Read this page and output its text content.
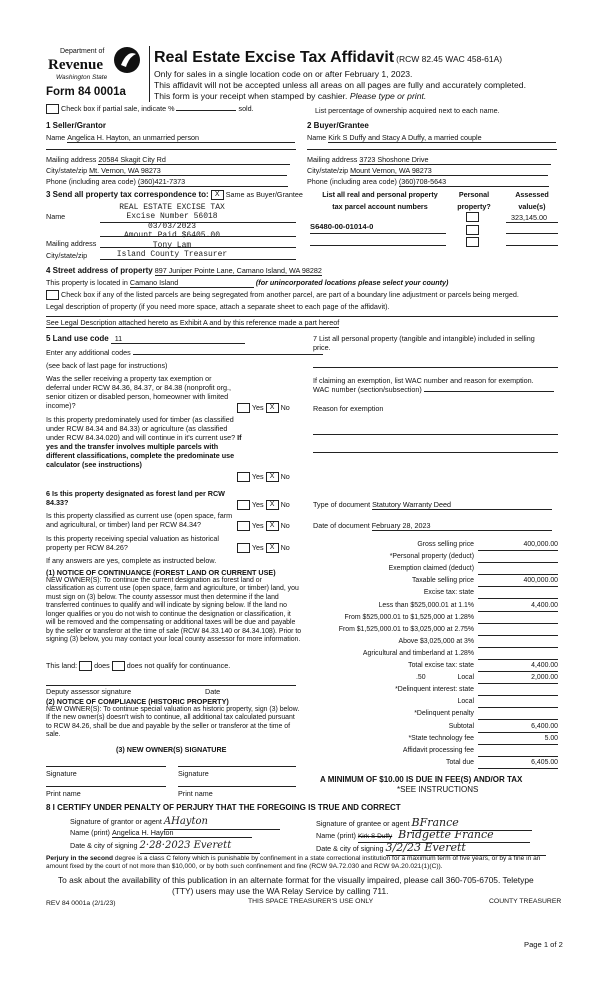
Department of
Revenue
Washington State
Form 84 0001a
Real Estate Excise Tax Affidavit (RCW 82.45 WAC 458-61A)
Only for sales in a single location code on or after February 1, 2023.
This affidavit will not be accepted unless all areas on all pages are fully and accurately completed.
This form is your receipt when stamped by cashier. Please type or print.
Check box if partial sale, indicate %	sold.	List percentage of ownership acquired next to each name.
1 Seller/Grantor
Name Angelica H. Hayton, an unmarried person
Mailing address 20584 Skagit City Rd
City/state/zip Mt. Vernon, WA 98273
Phone (including area code) (360)421-7373
2 Buyer/Grantee
Name Kirk S Duffy and Stacy A Duffy, a married couple
Mailing address 3723 Shoshone Drive
City/state/zip Mount Vernon, WA 98273
Phone (including area code) (360)708-5643
3 Send all property tax correspondence to: X Same as Buyer/Grantee
Name
Mailing address
City/state/zip
REAL ESTATE EXCISE TAX
Excise Number 56018
03/03/2023
Amount Paid $6405.00
Tony Lam
Island County Treasurer
List all real and personal property
tax parcel account numbers
Personal
property?
Assessed
value(s)
S6480-00-01014-0
323,145.00
4 Street address of property 897 Juniper Pointe Lane, Camano Island, WA 98282
This property is located in Camano Island	(for unincorporated locations please select your county)
Check box if any of the listed parcels are being segregated from another parcel, are part of a boundary line adjustment or parcels being merged.
Legal description of property (if you need more space, attach a separate sheet to each page of the affidavit).
See Legal Description attached hereto as Exhibit A and by this reference made a part hereof
5 Land use code 11
Enter any additional codes
(see back of last page for instructions)
Was the seller receiving a property tax exemption or deferral under RCW 84.36, 84.37, or 84.38 (nonprofit org., senior citizen or disabled person, homeowner with limited income)?	Yes X No
Is this property predominately used for timber (as classified under RCW 84.34 and 84.33) or agriculture (as classified under RCW 84.34.020) and will continue in it's current use? If yes and the transfer involves multiple parcels with different classifications, complete the predominate use calculator (see instructions)
Yes X No
6 Is this property designated as forest land per RCW 84.33?	Yes X No
Is this property classified as current use (open space, farm and agricultural, or timber) land per RCW 84.34?	Yes X No
Is this property receiving special valuation as historical property per RCW 84.26?	Yes X No
If any answers are yes, complete as instructed below.
(1) NOTICE OF CONTINUANCE (FOREST LAND OR CURRENT USE)
NEW OWNER(S): To continue the current designation as forest land or classification as current use (open space, farm and agriculture, or timber) land, you must sign on (3) below. The county assessor must then determine if the land transferred continues to qualify and will indicate by signing below. If the land no longer qualifies or you do not wish to continue the designation or classification, it will be removed and the compensating or additional taxes will be due and payable by the seller or transferor at the time of sale (RCW 84.33.140 or 84.34.108). Prior to signing (3) below, you may contact your local county assessor for more information.
This land: does does not qualify for continuance.
Deputy assessor signature	Date
(2) NOTICE OF COMPLIANCE (HISTORIC PROPERTY)
NEW OWNER(S): To continue special valuation as historic property, sign (3) below. If the new owner(s) doesn't wish to continue, all additional tax calculated pursuant to RCW 84.26, shall be due and payable by the seller or transferor at the time of sale.
(3) NEW OWNER(S) SIGNATURE
Signature	Signature
Print name	Print name
7 List all personal property (tangible and intangible) included in selling price.
If claiming an exemption, list WAC number and reason for exemption.
WAC number (section/subsection)
Reason for exemption
Type of document Statutory Warranty Deed
Date of document February 28, 2023
Gross selling price	400,000.00
*Personal property (deduct)
Exemption claimed (deduct)
Taxable selling price	400,000.00
Excise tax: state
Less than $525,000.01 at 1.1%	4,400.00
From $525,000.01 to $1,525,000 at 1.28%
From $1,525,000.01 to $3,025,000 at 2.75%
Above $3,025,000 at 3%
Agricultural and timberland at 1.28%
Total excise tax: state	4,400.00
Local
.50	2,000.00
*Delinquent interest: state
Local
*Delinquent penalty
Subtotal	6,400.00
*State technology fee	5.00
Affidavit processing fee
Total due	6,405.00
A MINIMUM OF $10.00 IS DUE IN FEE(S) AND/OR TAX
*SEE INSTRUCTIONS
8 I CERTIFY UNDER PENALTY OF PERJURY THAT THE FOREGOING IS TRUE AND CORRECT
Signature of grantor or agent AHayton
Name (print) Angelica H. Hayton
Date & city of signing 2·28·2023 Everett
Signature of grantee or agent BFrance
Name (print) Kirk S Duffy Bridgette France
Date & city of signing 3/2/23 Everett
Perjury in the second degree is a class C felony which is punishable by confinement in a state correctional institution for a maximum term of five years, or by a fine in an amount fixed by the court of not more than $10,000, or by both such confinement and fine (RCW 9A.72.030 and RCW 9A.20.021(1)(C)).
To ask about the availability of this publication in an alternate format for the visually impaired, please call 360-705-6705. Teletype
(TTY) users may use the WA Relay Service by calling 711.
REV 84 0001a (2/1/23)	THIS SPACE TREASURER'S USE ONLY	COUNTY TREASURER
Page 1 of 2
